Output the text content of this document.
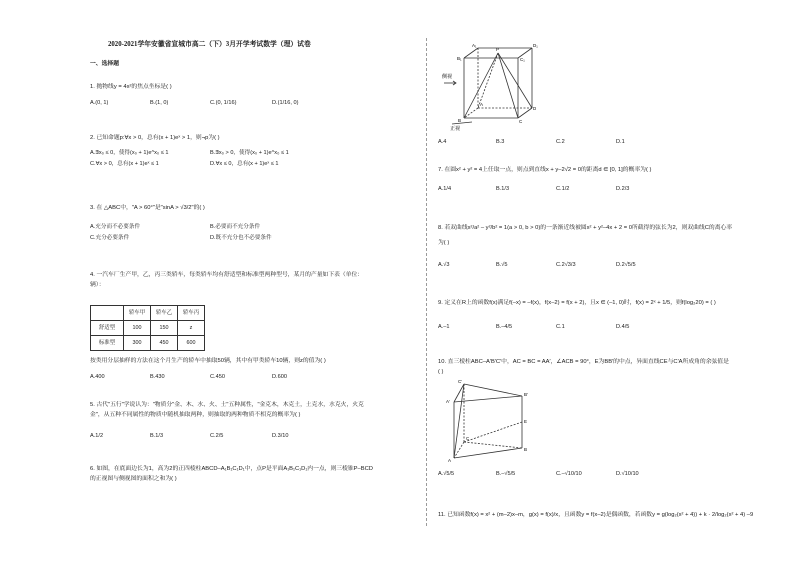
2020-2021学年安徽省宣城市高二（下）3月开学考试数学（理）试卷
一、选择题
1. 抛物线y = 4x²的焦点坐标是( )
A.(0, 1)	B.(1, 0)	C.(0, 1/16)	D.(1/16, 0)
2. 已知命题p:∀x > 0，总有(x + 1)eˣ > 1，则¬p为( )
A.∃x₀ ≤ 0，使得(x₀ + 1)e^x₀ ≤ 1	B.∃x₀ > 0，使得(x₀ + 1)e^x₀ ≤ 1
C.∀x > 0，总有(x + 1)eˣ ≤ 1	D.∀x ≤ 0，总有(x + 1)eˣ ≤ 1
3. 在 △ABC中，"A > 60°"是"sinA > √3/2"的( )
A.充分而不必要条件	B.必要而不充分条件
C.充分必要条件	D.既不充分也不必要条件
4. 一汽车厂生产甲，乙，丙三类轿车，每类轿车均有舒适型和标准型两种型号，某月的产量如下表（单位：
辆）：
	轿车甲	轿车乙	轿车丙
舒适型	100	150	z
标准型	300	450	600
按类用分层抽样的方法在这个月生产的轿车中抽取50辆，其中有甲类轿车10辆，则z的值为( )
A.400	B.430	C.450	D.600
5. 古代"五行"学说认为："物质分"金、木、水、火、土"五种属性，"金克木，木克土，土克水，水克火，火克
金"，从五种不同属性的物质中随机抽取两种，则抽取的两种物质不相克的概率为( )
A.1/2	B.1/3	C.2/5	D.3/10
6. 如图，在底面边长为1，高为2的正四棱柱ABCD–A₁B₁C₁D₁中，点P是平面A₁B₁C₁D₁内一点，则三棱锥P–BCD
的正视图与侧视图的面积之和为( )
侧视
正视
A₁	D₁
B₁	C₁
P
A
D
B	C
A.4	B.3	C.2	D.1
7. 在圆x² + y² = 4上任取一点，则点到直线x + y–2√2 = 0的距离d ∈ [0, 1]的概率为( )
A.1/4	B.1/3	C.1/2	D.2/3
8. 若双曲线x²/a² – y²/b² = 1(a > 0, b > 0)的一条渐近线被圆x² + y²–4x + 2 = 0所截得的弦长为2，则双曲线C的离心率
为( )
A.√3	B.√5	C.2√3/3	D.2√5/5
9. 定义在R上的函数f(x)满足f(–x) = –f(x)，f(x–2) = f(x + 2)，且x ∈ (–1, 0)时，f(x) = 2ˣ + 1/5，则f(log₂20) = ( )
A.–1	B.–4/5	C.1	D.4/5
10. 直三棱柱ABC–A′B′C′中，AC = BC = AA′，∠ACB = 90°，E为BB′的中点，异面直线CE与C′A所成角的余弦值是
( )
C′
B′
A′
E
C
B
A
A.√5/5	B.–√5/5	C.–√10/10	D.√10/10
11. 已知函数f(x) = x² + (m–2)x–m，g(x) = f(x)/x，且函数y = f(x–2)是偶函数，若函数y = g(log₂(x² + 4)) + k · 2/log₂(x² + 4) –9
